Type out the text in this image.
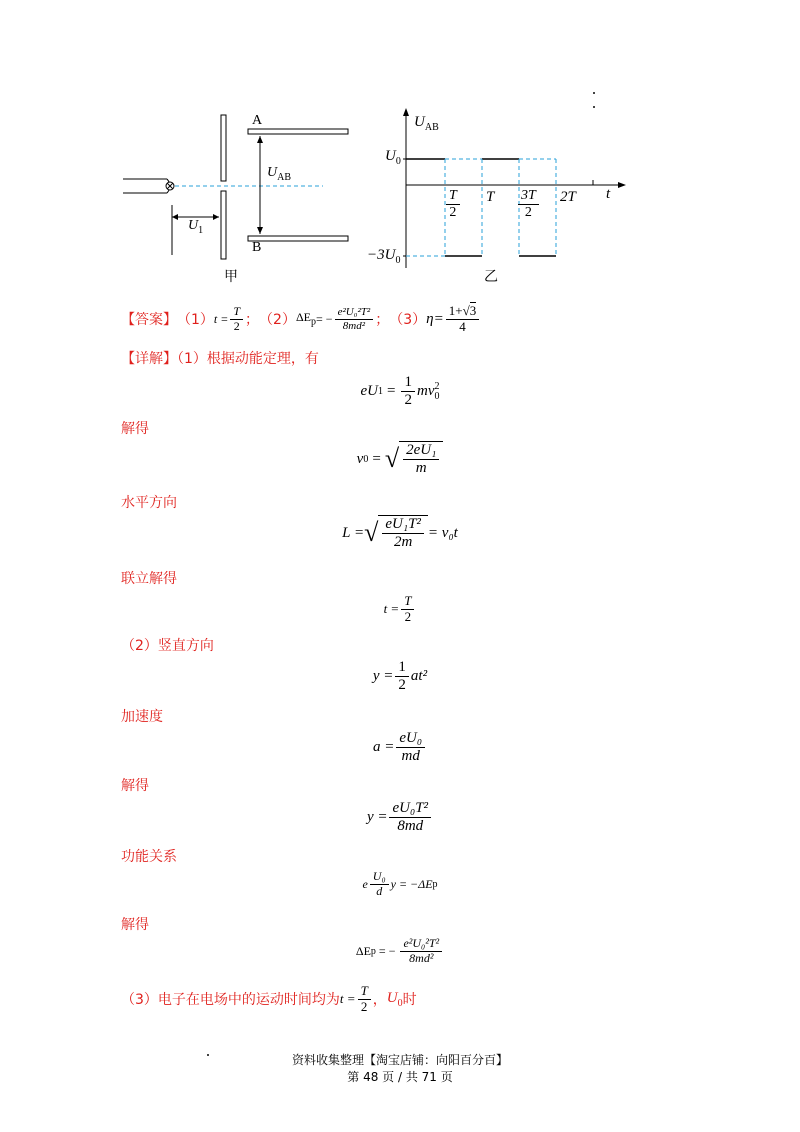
A
B
$U_{AB}$
$U_1$
甲
$U_{AB}$
$U_0$
$-3U_0$
$\frac{T}{2}$ T $\frac{3T}{2} 2T$ t
乙
【答案】 （1） $t = \frac{T}{2}$ ； （2） $\Delta E_p$ = − $\frac{\text{e²U₀²T²}}{\text{8md²}}$ ； （3） $\eta= \frac{1+√3}{4}$
【详解】（1）根据动能定理，有
eU $1 = \frac{1}{2}$ mv 2
0
解得
v 0 = √ $\frac{\text{2eU₁}}{m}$
水平方向
L = √ $\frac{\text{eU₁T²}}{2m} = v_0t$
联立解得
$t = \frac{T}{2}$
（2）竖直方向
$y = \frac{1}{2} at^2$
加速度
$a = \frac{\text{eU₀}}{md}$
解得
$y = \frac{\text{eU₀T²}}{8md}$
功能关系
e $\frac{\text{U₀}}{d}$ y = −ΔE p
解得
ΔE p = − $\frac{\text{e²U₀²T²}}{\text{8md²}}$
（3）电子在电场中的运动时间均为 $t = \frac{T}{2}$ ， $U_0$ 时
资料收集整理【淘宝店铺：向阳百分百】
第 48 页 / 共 71 页
